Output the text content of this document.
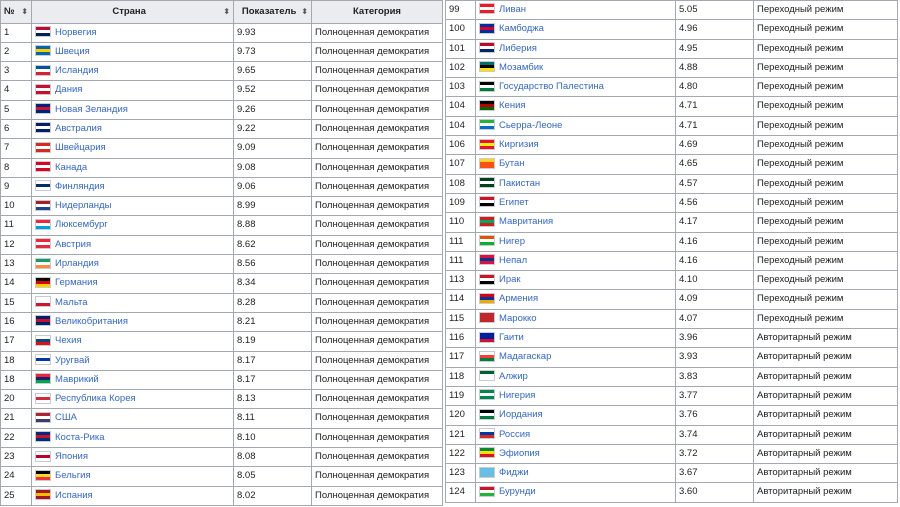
№ ⬍	Страна ⬍	Показатель ⬍	Категория
1	Норвегия	9.93	Полноценная демократия
2	Швеция	9.73	Полноценная демократия
3	Исландия	9.65	Полноценная демократия
4	Дания	9.52	Полноценная демократия
5	Новая Зеландия	9.26	Полноценная демократия
6	Австралия	9.22	Полноценная демократия
7	Швейцария	9.09	Полноценная демократия
8	Канада	9.08	Полноценная демократия
9	Финляндия	9.06	Полноценная демократия
10	Нидерланды	8.99	Полноценная демократия
11	Люксембург	8.88	Полноценная демократия
12	Австрия	8.62	Полноценная демократия
13	Ирландия	8.56	Полноценная демократия
14	Германия	8.34	Полноценная демократия
15	Мальта	8.28	Полноценная демократия
16	Великобритания	8.21	Полноценная демократия
17	Чехия	8.19	Полноценная демократия
18	Уругвай	8.17	Полноценная демократия
18	Маврикий	8.17	Полноценная демократия
20	Республика Корея	8.13	Полноценная демократия
21	США	8.11	Полноценная демократия
22	Коста-Рика	8.10	Полноценная демократия
23	Япония	8.08	Полноценная демократия
24	Бельгия	8.05	Полноценная демократия
25	Испания	8.02	Полноценная демократия
99	Ливан	5.05	Переходный режим
100	Камбоджа	4.96	Переходный режим
101	Либерия	4.95	Переходный режим
102	Мозамбик	4.88	Переходный режим
103	Государство Палестина	4.80	Переходный режим
104	Кения	4.71	Переходный режим
104	Сьерра-Леоне	4.71	Переходный режим
106	Киргизия	4.69	Переходный режим
107	Бутан	4.65	Переходный режим
108	Пакистан	4.57	Переходный режим
109	Египет	4.56	Переходный режим
110	Мавритания	4.17	Переходный режим
111	Нигер	4.16	Переходный режим
111	Непал	4.16	Переходный режим
113	Ирак	4.10	Переходный режим
114	Армения	4.09	Переходный режим
115	Марокко	4.07	Переходный режим
116	Гаити	3.96	Авторитарный режим
117	Мадагаскар	3.93	Авторитарный режим
118	Алжир	3.83	Авторитарный режим
119	Нигерия	3.77	Авторитарный режим
120	Иордания	3.76	Авторитарный режим
121	Россия	3.74	Авторитарный режим
122	Эфиопия	3.72	Авторитарный режим
123	Фиджи	3.67	Авторитарный режим
124	Бурунди	3.60	Авторитарный режим
